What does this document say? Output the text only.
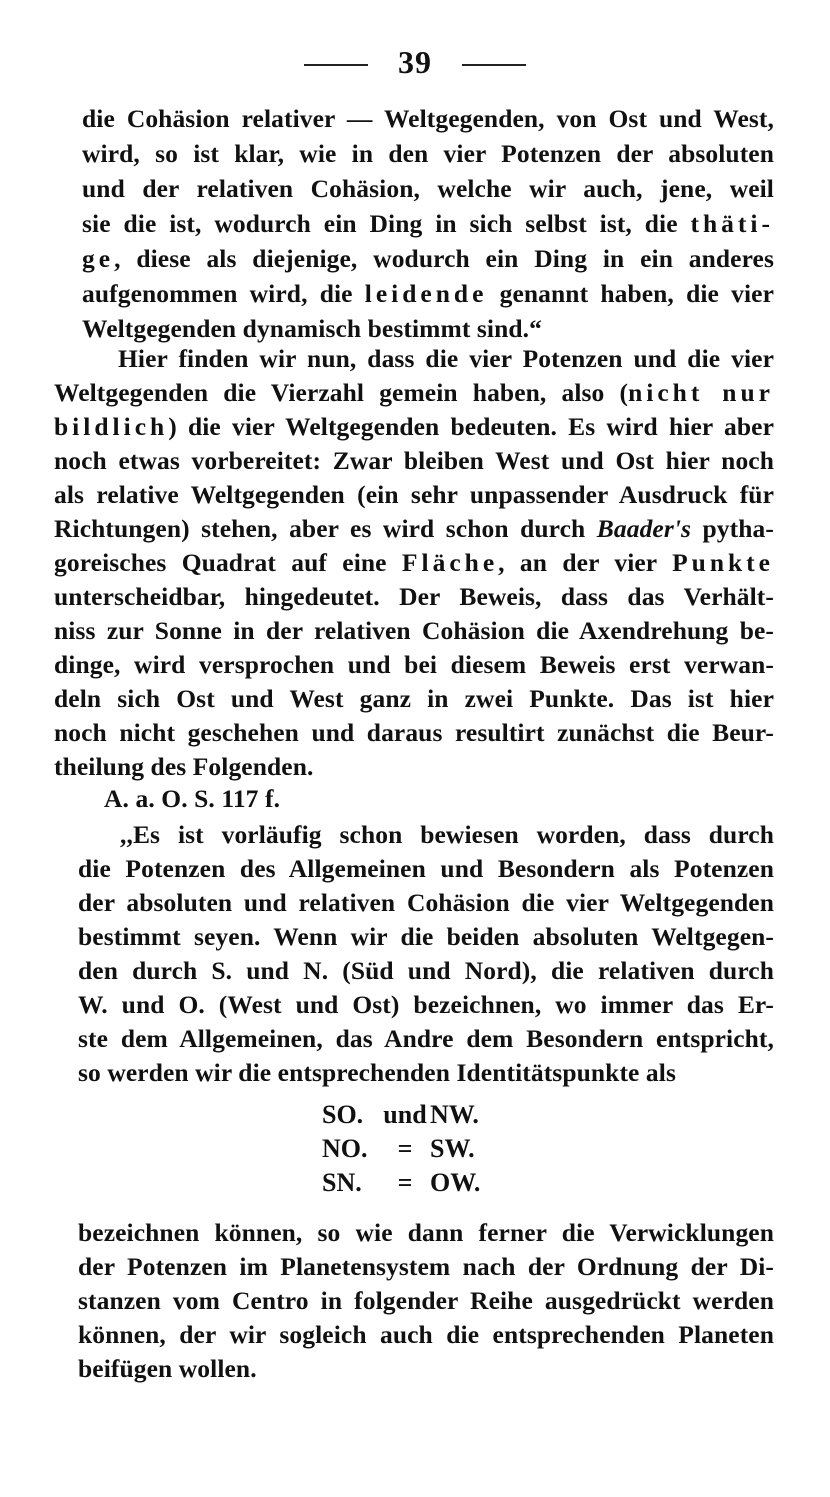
39
die Cohäsion relativer — Weltgegenden, von Ost und West,
wird, so ist klar, wie in den vier Potenzen der absoluten
und der relativen Cohäsion, welche wir auch, jene, weil
sie die ist, wodurch ein Ding in sich selbst ist, die thäti-
ge, diese als diejenige, wodurch ein Ding in ein anderes
aufgenommen wird, die leidende genannt haben, die vier
Weltgegenden dynamisch bestimmt sind.“
Hier finden wir nun, dass die vier Potenzen und die vier
Weltgegenden die Vierzahl gemein haben, also (nicht nur
bildlich) die vier Weltgegenden bedeuten. Es wird hier aber
noch etwas vorbereitet: Zwar bleiben West und Ost hier noch
als relative Weltgegenden (ein sehr unpassender Ausdruck für
Richtungen) stehen, aber es wird schon durch Baader's pytha-
goreisches Quadrat auf eine Fläche, an der vier Punkte
unterscheidbar, hingedeutet. Der Beweis, dass das Verhält-
niss zur Sonne in der relativen Cohäsion die Axendrehung be-
dinge, wird versprochen und bei diesem Beweis erst verwan-
deln sich Ost und West ganz in zwei Punkte. Das ist hier
noch nicht geschehen und daraus resultirt zunächst die Beur-
theilung des Folgenden.
A. a. O. S. 117 f.
,,Es ist vorläufig schon bewiesen worden, dass durch
die Potenzen des Allgemeinen und Besondern als Potenzen
der absoluten und relativen Cohäsion die vier Weltgegenden
bestimmt seyen. Wenn wir die beiden absoluten Weltgegen-
den durch S. und N. (Süd und Nord), die relativen durch
W. und O. (West und Ost) bezeichnen, wo immer das Er-
ste dem Allgemeinen, das Andre dem Besondern entspricht,
so werden wir die entsprechenden Identitätspunkte als
SO. und NW.
NO. = SW.
SN. = OW.
bezeichnen können, so wie dann ferner die Verwicklungen
der Potenzen im Planetensystem nach der Ordnung der Di-
stanzen vom Centro in folgender Reihe ausgedrückt werden
können, der wir sogleich auch die entsprechenden Planeten
beifügen wollen.
